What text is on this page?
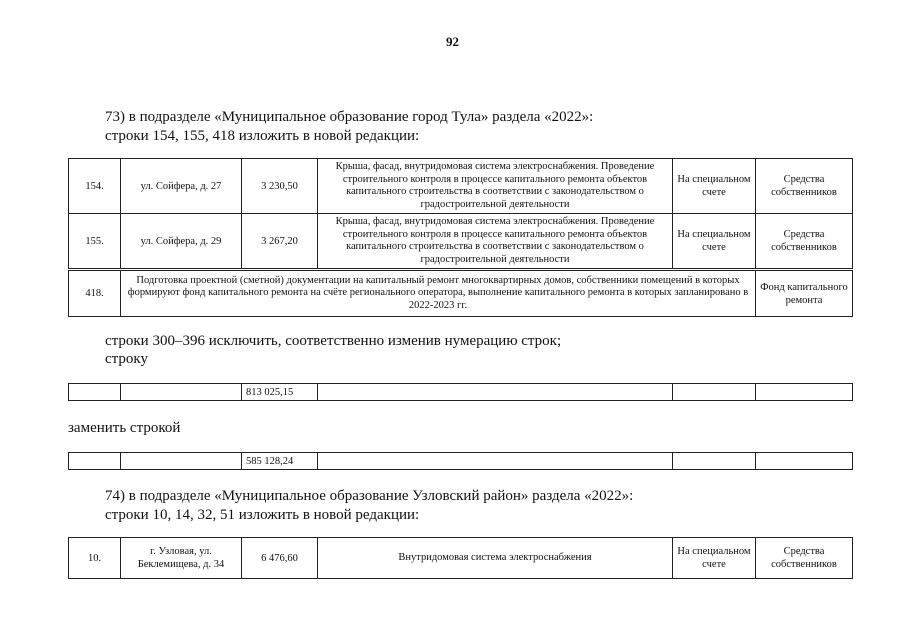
92
73) в подразделе «Муниципальное образование город Тула» раздела «2022»:
строки 154, 155, 418 изложить в новой редакции:
154.	ул. Сойфера, д. 27	3 230,50	Крыша, фасад, внутридомовая система электроснабжения. Проведение строительного контроля в процессе капитального ремонта объектов капитального строительства в соответствии с законодательством о градостроительной деятельности	На специальном счете	Средства собственников
155.	ул. Сойфера, д. 29	3 267,20	Крыша, фасад, внутридомовая система электроснабжения. Проведение строительного контроля в процессе капитального ремонта объектов капитального строительства в соответствии с законодательством о градостроительной деятельности	На специальном счете	Средства собственников
418.	Подготовка проектной (сметной) документации на капитальный ремонт многоквартирных домов, собственники помещений в которых формируют фонд капитального ремонта на счёте регионального оператора, выполнение капитального ремонта в которых запланировано в 2022-2023 гг.	Фонд капитального ремонта
строки 300–396 исключить, соответственно изменив нумерацию строк;
строку
		813 025,15			
заменить строкой
		585 128,24			
74) в подразделе «Муниципальное образование Узловский район» раздела «2022»:
строки 10, 14, 32, 51 изложить в новой редакции:
10.	г. Узловая, ул. Беклемищева, д. 34	6 476,60	Внутридомовая система электроснабжения	На специальном счете	Средства собственников
